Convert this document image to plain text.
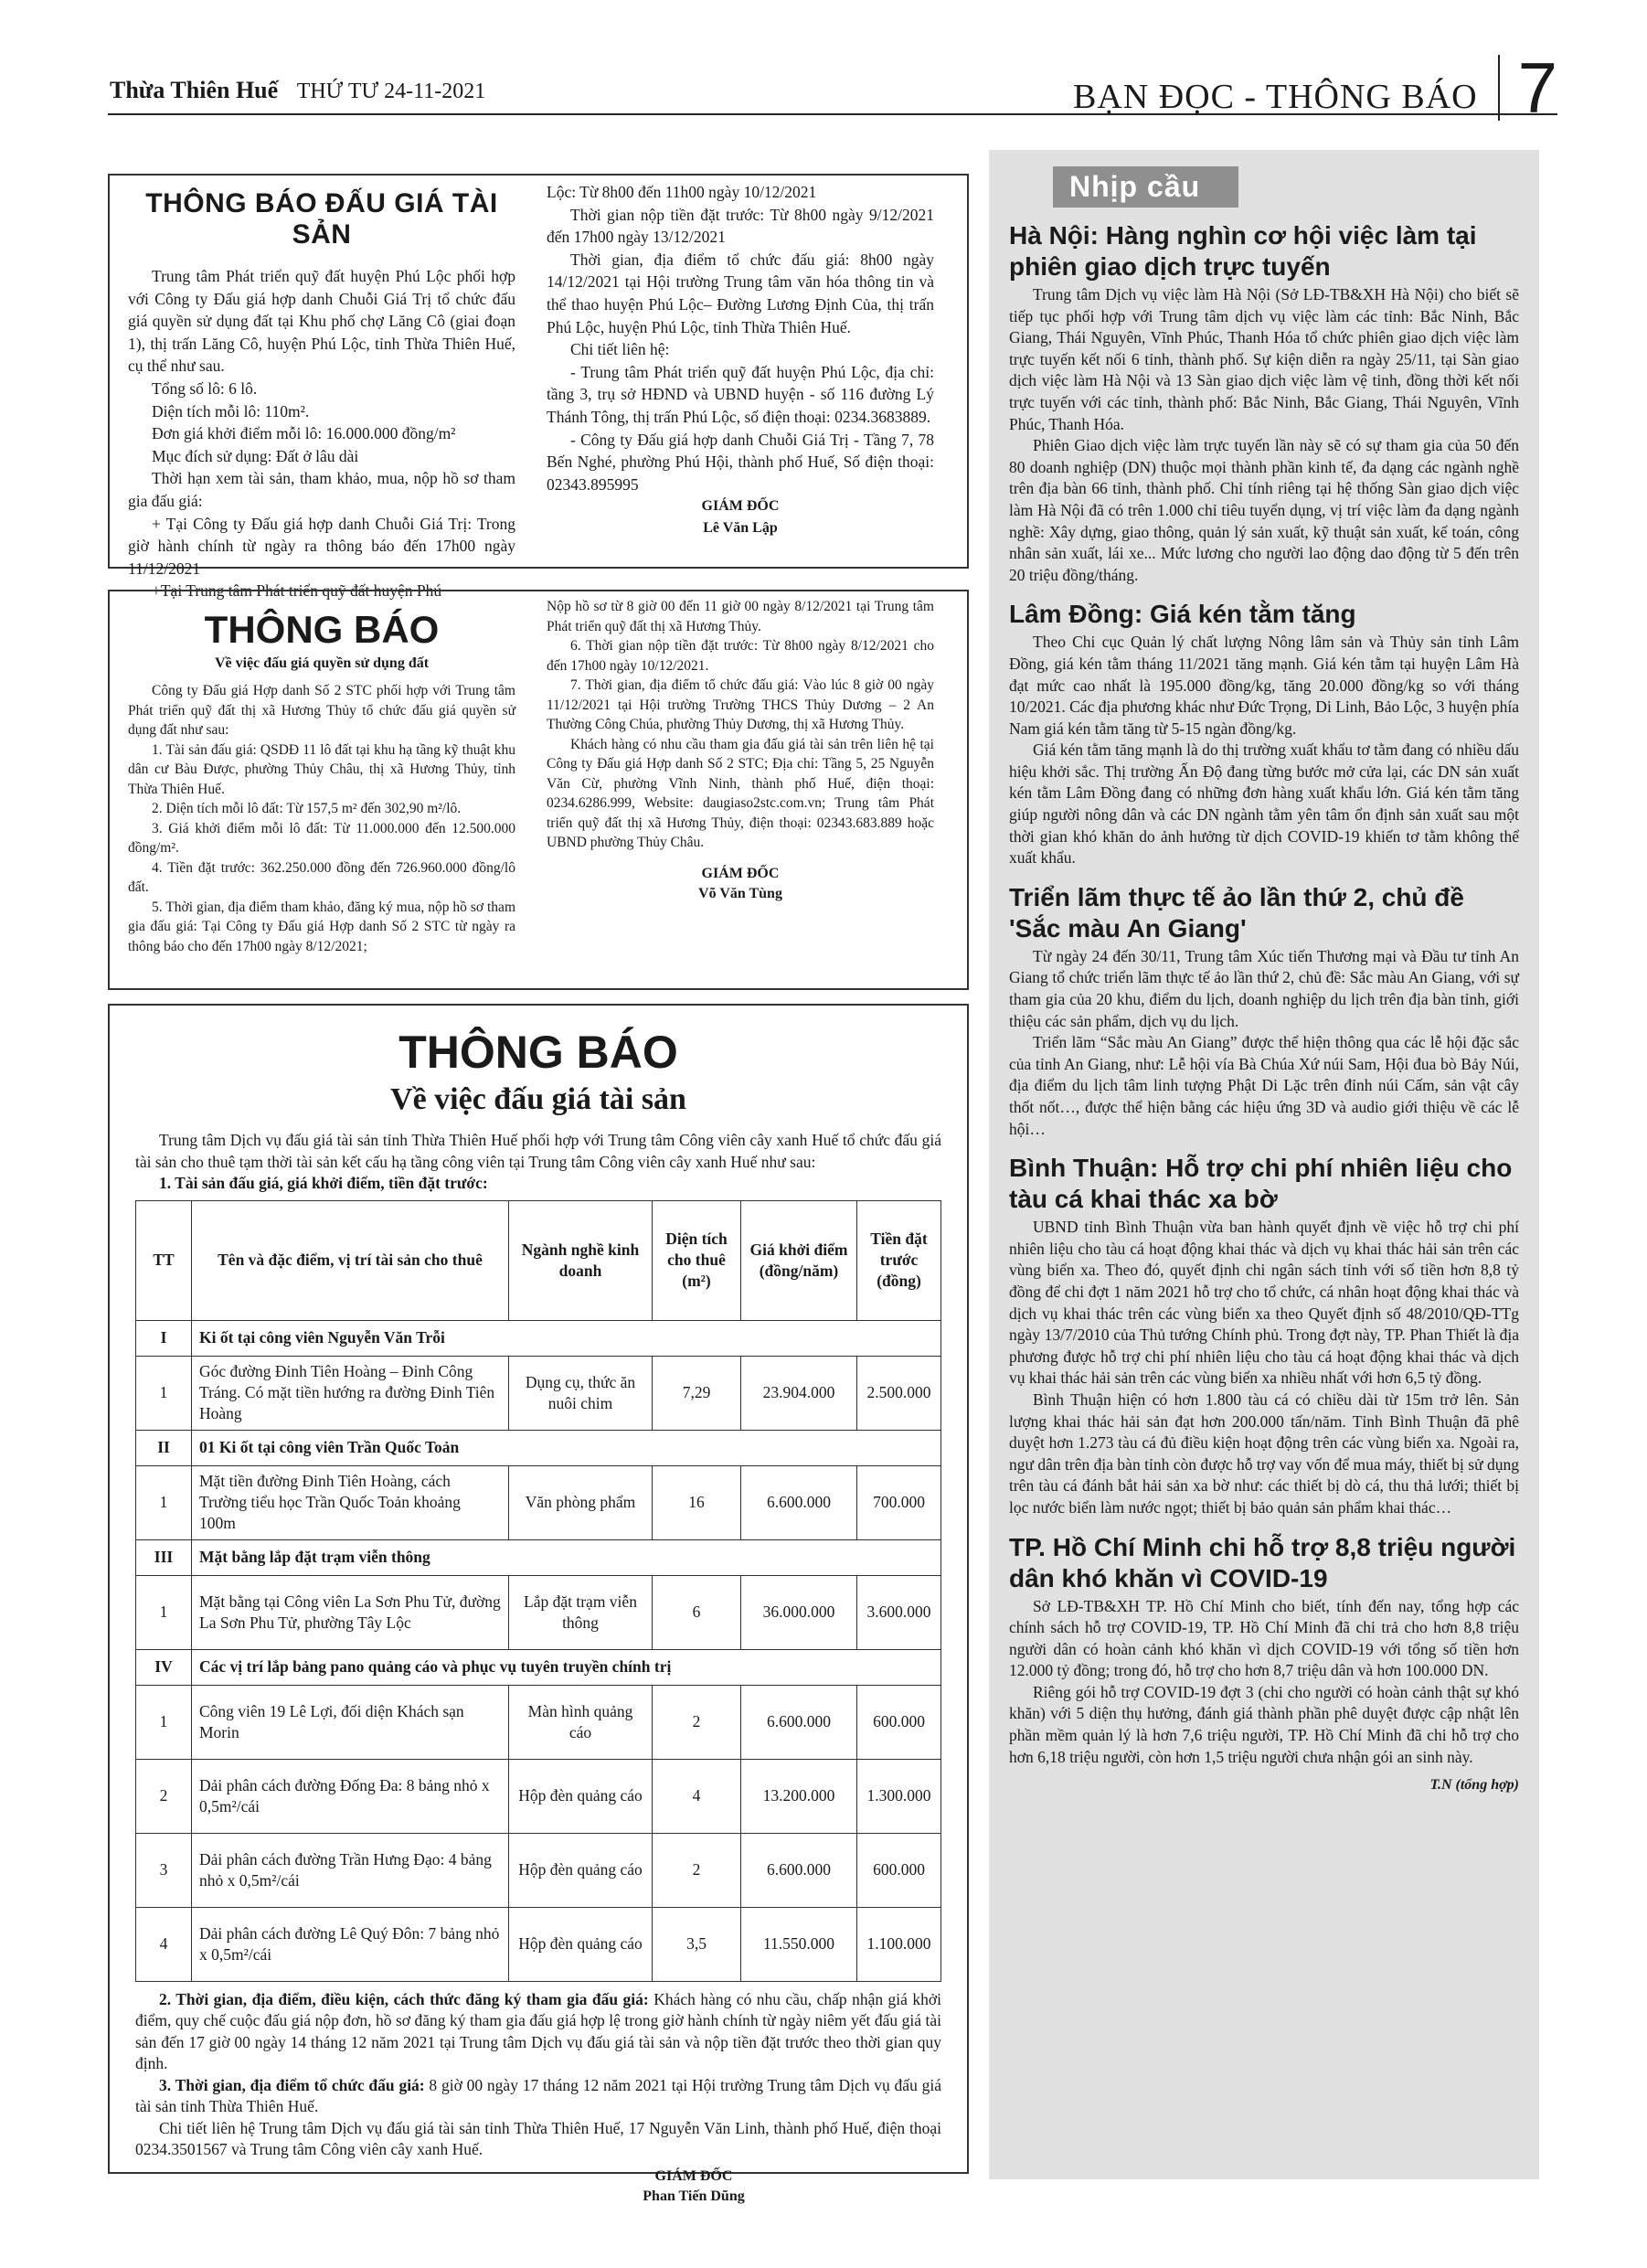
Thừa Thiên Huế THỨ TƯ 24-11-2021	BẠN ĐỌC - THÔNG BÁO 7
THÔNG BÁO ĐẤU GIÁ TÀI SẢN

Trung tâm Phát triển quỹ đất huyện Phú Lộc phối hợp với Công ty Đấu giá hợp danh Chuỗi Giá Trị tổ chức đấu giá quyền sử dụng đất tại Khu phố chợ Lăng Cô (giai đoạn 1), thị trấn Lăng Cô, huyện Phú Lộc, tỉnh Thừa Thiên Huế, cụ thể như sau.

Tổng số lô: 6 lô.

Diện tích mỗi lô: 110m².

Đơn giá khởi điểm mỗi lô: 16.000.000 đồng/m²

Mục đích sử dụng: Đất ở lâu dài

Thời hạn xem tài sản, tham khảo, mua, nộp hồ sơ tham gia đấu giá:

+ Tại Công ty Đấu giá hợp danh Chuỗi Giá Trị: Trong giờ hành chính từ ngày ra thông báo đến 17h00 ngày 11/12/2021

+Tại Trung tâm Phát triển quỹ đất huyện Phú

Lộc: Từ 8h00 đến 11h00 ngày 10/12/2021

Thời gian nộp tiền đặt trước: Từ 8h00 ngày 9/12/2021 đến 17h00 ngày 13/12/2021

Thời gian, địa điểm tổ chức đấu giá: 8h00 ngày 14/12/2021 tại Hội trường Trung tâm văn hóa thông tin và thể thao huyện Phú Lộc– Đường Lương Định Của, thị trấn Phú Lộc, huyện Phú Lộc, tỉnh Thừa Thiên Huế.

Chi tiết liên hệ:

- Trung tâm Phát triển quỹ đất huyện Phú Lộc, địa chỉ: tầng 3, trụ sở HĐND và UBND huyện - số 116 đường Lý Thánh Tông, thị trấn Phú Lộc, số điện thoại: 0234.3683889.

- Công ty Đấu giá hợp danh Chuỗi Giá Trị - Tầng 7, 78 Bến Nghé, phường Phú Hội, thành phố Huế, Số điện thoại: 02343.895995

GIÁM ĐỐC
Lê Văn Lập
THÔNG BÁO
Về việc đấu giá quyền sử dụng đất

Công ty Đấu giá Hợp danh Số 2 STC phối hợp với Trung tâm Phát triển quỹ đất thị xã Hương Thủy tổ chức đấu giá quyền sử dụng đất như sau:

1. Tài sản đấu giá: QSDĐ 11 lô đất tại khu hạ tầng kỹ thuật khu dân cư Bàu Được, phường Thủy Châu, thị xã Hương Thủy, tỉnh Thừa Thiên Huế.

2. Diện tích mỗi lô đất: Từ 157,5 m² đến 302,90 m²/lô.

3. Giá khởi điểm mỗi lô đất: Từ 11.000.000 đến 12.500.000 đồng/m².

4. Tiền đặt trước: 362.250.000 đồng đến 726.960.000 đồng/lô đất.

5. Thời gian, địa điểm tham khảo, đăng ký mua, nộp hồ sơ tham gia đấu giá: Tại Công ty Đấu giá Hợp danh Số 2 STC từ ngày ra thông báo cho đến 17h00 ngày 8/12/2021;

Nộp hồ sơ từ 8 giờ 00 đến 11 giờ 00 ngày 8/12/2021 tại Trung tâm Phát triển quỹ đất thị xã Hương Thủy.

6. Thời gian nộp tiền đặt trước: Từ 8h00 ngày 8/12/2021 cho đến 17h00 ngày 10/12/2021.

7. Thời gian, địa điểm tổ chức đấu giá: Vào lúc 8 giờ 00 ngày 11/12/2021 tại Hội trường Trường THCS Thủy Dương – 2 An Thường Công Chúa, phường Thủy Dương, thị xã Hương Thủy.

Khách hàng có nhu cầu tham gia đấu giá tài sản trên liên hệ tại Công ty Đấu giá Hợp danh Số 2 STC; Địa chỉ: Tầng 5, 25 Nguyễn Văn Cừ, phường Vĩnh Ninh, thành phố Huế, điện thoại: 0234.6286.999, Website: daugiaso2stc.com.vn; Trung tâm Phát triển quỹ đất thị xã Hương Thủy, điện thoại: 02343.683.889 hoặc UBND phường Thủy Châu.

GIÁM ĐỐC
Võ Văn Tùng
THÔNG BÁO
Về việc đấu giá tài sản

Trung tâm Dịch vụ đấu giá tài sản tỉnh Thừa Thiên Huế phối hợp với Trung tâm Công viên cây xanh Huế tổ chức đấu giá tài sản cho thuê tạm thời tài sản kết cấu hạ tầng công viên tại Trung tâm Công viên cây xanh Huế như sau:

1. Tài sản đấu giá, giá khởi điểm, tiền đặt trước:

TT	Tên và đặc điểm, vị trí tài sản cho thuê	Ngành nghề kinh doanh	Diện tích cho thuê (m²)	Giá khởi điểm (đồng/năm)	Tiền đặt trước (đồng)
I	Ki ốt tại công viên Nguyễn Văn Trỗi				
1	Góc đường Đinh Tiên Hoàng – Đinh Công Tráng. Có mặt tiền hướng ra đường Đinh Tiên Hoàng	Dụng cụ, thức ăn nuôi chim	7,29	23.904.000	2.500.000
II	01 Ki ốt tại công viên Trần Quốc Toản				
1	Mặt tiền đường Đinh Tiên Hoàng, cách Trường tiểu học Trần Quốc Toản khoảng 100m	Văn phòng phẩm	16	6.600.000	700.000
III	Mặt bằng lắp đặt trạm viễn thông				
1	Mặt bằng tại Công viên La Sơn Phu Tử, đường La Sơn Phu Tử, phường Tây Lộc	Lắp đặt trạm viễn thông	6	36.000.000	3.600.000
IV	Các vị trí lắp bảng pano quảng cáo và phục vụ tuyên truyền chính trị				
1	Công viên 19 Lê Lợi, đối diện Khách sạn Morin	Màn hình quảng cáo	2	6.600.000	600.000
2	Dải phân cách đường Đống Đa: 8 bảng nhỏ x 0,5m²/cái	Hộp đèn quảng cáo	4	13.200.000	1.300.000
3	Dải phân cách đường Trần Hưng Đạo: 4 bảng nhỏ x 0,5m²/cái	Hộp đèn quảng cáo	2	6.600.000	600.000
4	Dải phân cách đường Lê Quý Đôn: 7 bảng nhỏ x 0,5m²/cái	Hộp đèn quảng cáo	3,5	11.550.000	1.100.000

2. Thời gian, địa điểm, điều kiện, cách thức đăng ký tham gia đấu giá: Khách hàng có nhu cầu, chấp nhận giá khởi điểm, quy chế cuộc đấu giá nộp đơn, hồ sơ đăng ký tham gia đấu giá hợp lệ trong giờ hành chính từ ngày niêm yết đấu giá tài sản đến 17 giờ 00 ngày 14 tháng 12 năm 2021 tại Trung tâm Dịch vụ đấu giá tài sản và nộp tiền đặt trước theo thời gian quy định.

3. Thời gian, địa điểm tổ chức đấu giá: 8 giờ 00 ngày 17 tháng 12 năm 2021 tại Hội trường Trung tâm Dịch vụ đấu giá tài sản tỉnh Thừa Thiên Huế.

Chi tiết liên hệ Trung tâm Dịch vụ đấu giá tài sản tỉnh Thừa Thiên Huế, 17 Nguyễn Văn Linh, thành phố Huế, điện thoại 0234.3501567 và Trung tâm Công viên cây xanh Huế.

GIÁM ĐỐC
Phan Tiến Dũng
Nhịp cầu
Hà Nội: Hàng nghìn cơ hội việc làm tại phiên giao dịch trực tuyến

Trung tâm Dịch vụ việc làm Hà Nội (Sở LĐ-TB&XH Hà Nội) cho biết sẽ tiếp tục phối hợp với Trung tâm dịch vụ việc làm các tỉnh: Bắc Ninh, Bắc Giang, Thái Nguyên, Vĩnh Phúc, Thanh Hóa tổ chức phiên giao dịch việc làm trực tuyến kết nối 6 tỉnh, thành phố. Sự kiện diễn ra ngày 25/11, tại Sàn giao dịch việc làm Hà Nội và 13 Sàn giao dịch việc làm vệ tinh, đồng thời kết nối trực tuyến với các tỉnh, thành phố: Bắc Ninh, Bắc Giang, Thái Nguyên, Vĩnh Phúc, Thanh Hóa.

Phiên Giao dịch việc làm trực tuyến lần này sẽ có sự tham gia của 50 đến 80 doanh nghiệp (DN) thuộc mọi thành phần kinh tế, đa dạng các ngành nghề trên địa bàn 66 tỉnh, thành phố. Chỉ tính riêng tại hệ thống Sàn giao dịch việc làm Hà Nội đã có trên 1.000 chỉ tiêu tuyển dụng, vị trí việc làm đa dạng ngành nghề: Xây dựng, giao thông, quản lý sản xuất, kỹ thuật sản xuất, kế toán, công nhân sản xuất, lái xe... Mức lương cho người lao động dao động từ 5 đến trên 20 triệu đồng/tháng.

Lâm Đồng: Giá kén tằm tăng

Theo Chi cục Quản lý chất lượng Nông lâm sản và Thủy sản tỉnh Lâm Đồng, giá kén tằm tháng 11/2021 tăng mạnh. Giá kén tằm tại huyện Lâm Hà đạt mức cao nhất là 195.000 đồng/kg, tăng 20.000 đồng/kg so với tháng 10/2021. Các địa phương khác như Đức Trọng, Di Linh, Bảo Lộc, 3 huyện phía Nam giá kén tằm tăng từ 5-15 ngàn đồng/kg.

Giá kén tằm tăng mạnh là do thị trường xuất khẩu tơ tằm đang có nhiều dấu hiệu khởi sắc. Thị trường Ấn Độ đang từng bước mở cửa lại, các DN sản xuất kén tằm Lâm Đồng đang có những đơn hàng xuất khẩu lớn. Giá kén tằm tăng giúp người nông dân và các DN ngành tằm yên tâm ổn định sản xuất sau một thời gian khó khăn do ảnh hưởng từ dịch COVID-19 khiến tơ tằm không thể xuất khẩu.

Triển lãm thực tế ảo lần thứ 2, chủ đề 'Sắc màu An Giang'

Từ ngày 24 đến 30/11, Trung tâm Xúc tiến Thương mại và Đầu tư tỉnh An Giang tổ chức triển lãm thực tế ảo lần thứ 2, chủ đề: Sắc màu An Giang, với sự tham gia của 20 khu, điểm du lịch, doanh nghiệp du lịch trên địa bàn tỉnh, giới thiệu các sản phẩm, dịch vụ du lịch.

Triển lãm “Sắc màu An Giang” được thể hiện thông qua các lễ hội đặc sắc của tỉnh An Giang, như: Lễ hội vía Bà Chúa Xứ núi Sam, Hội đua bò Bảy Núi, địa điểm du lịch tâm linh tượng Phật Di Lặc trên đỉnh núi Cấm, sản vật cây thốt nốt…, được thể hiện bằng các hiệu ứng 3D và audio giới thiệu về các lễ hội…

Bình Thuận: Hỗ trợ chi phí nhiên liệu cho tàu cá khai thác xa bờ

UBND tỉnh Bình Thuận vừa ban hành quyết định về việc hỗ trợ chi phí nhiên liệu cho tàu cá hoạt động khai thác và dịch vụ khai thác hải sản trên các vùng biển xa. Theo đó, quyết định chi ngân sách tỉnh với số tiền hơn 8,8 tỷ đồng để chi đợt 1 năm 2021 hỗ trợ cho tổ chức, cá nhân hoạt động khai thác và dịch vụ khai thác trên các vùng biển xa theo Quyết định số 48/2010/QĐ-TTg ngày 13/7/2010 của Thủ tướng Chính phủ. Trong đợt này, TP. Phan Thiết là địa phương được hỗ trợ chi phí nhiên liệu cho tàu cá hoạt động khai thác và dịch vụ khai thác hải sản trên các vùng biển xa nhiều nhất với hơn 6,5 tỷ đồng.

Bình Thuận hiện có hơn 1.800 tàu cá có chiều dài từ 15m trở lên. Sản lượng khai thác hải sản đạt hơn 200.000 tấn/năm. Tỉnh Bình Thuận đã phê duyệt hơn 1.273 tàu cá đủ điều kiện hoạt động trên các vùng biển xa. Ngoài ra, ngư dân trên địa bàn tỉnh còn được hỗ trợ vay vốn để mua máy, thiết bị sử dụng trên tàu cá đánh bắt hải sản xa bờ như: các thiết bị dò cá, thu thả lưới; thiết bị lọc nước biển làm nước ngọt; thiết bị bảo quản sản phẩm khai thác…

TP. Hồ Chí Minh chi hỗ trợ 8,8 triệu người dân khó khăn vì COVID-19

Sở LĐ-TB&XH TP. Hồ Chí Minh cho biết, tính đến nay, tổng hợp các chính sách hỗ trợ COVID-19, TP. Hồ Chí Minh đã chi trả cho hơn 8,8 triệu người dân có hoàn cảnh khó khăn vì dịch COVID-19 với tổng số tiền hơn 12.000 tỷ đồng; trong đó, hỗ trợ cho hơn 8,7 triệu dân và hơn 100.000 DN.

Riêng gói hỗ trợ COVID-19 đợt 3 (chi cho người có hoàn cảnh thật sự khó khăn) với 5 diện thụ hưởng, đánh giá thành phần phê duyệt được cập nhật lên phần mềm quản lý là hơn 7,6 triệu người, TP. Hồ Chí Minh đã chi hỗ trợ cho hơn 6,18 triệu người, còn hơn 1,5 triệu người chưa nhận gói an sinh này.

T.N (tổng hợp)
